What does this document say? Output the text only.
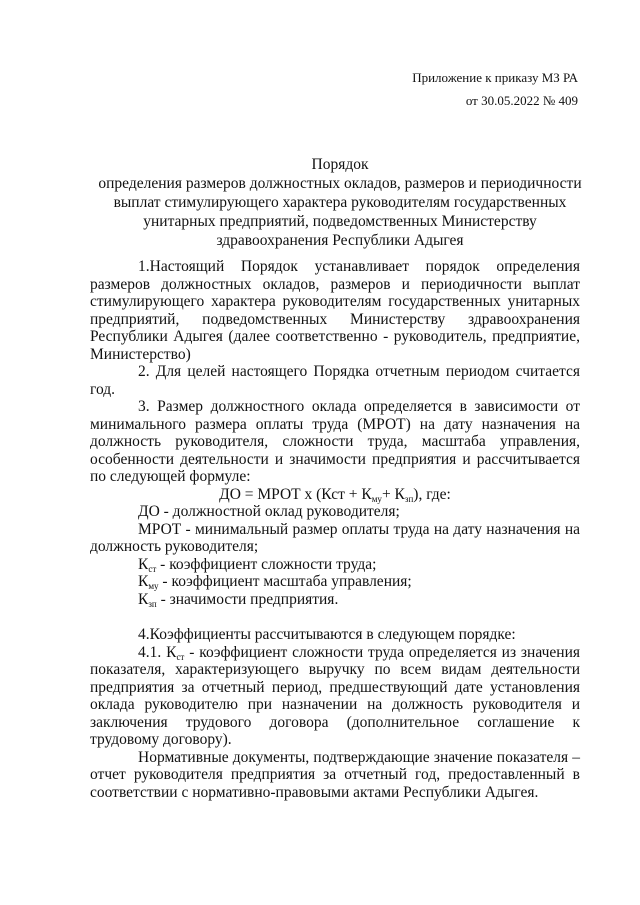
Приложение к приказу МЗ РА
от 30.05.2022 № 409
Порядок
определения размеров должностных окладов, размеров и периодичности
выплат стимулирующего характера руководителям государственных
унитарных предприятий, подведомственных Министерству
здравоохранения Республики Адыгея

1.Настоящий Порядок устанавливает порядок определения размеров должностных окладов, размеров и периодичности выплат стимулирующего характера руководителям государственных унитарных предприятий, подведомственных Министерству здравоохранения Республики Адыгея (далее соответственно - руководитель, предприятие, Министерство)

2. Для целей настоящего Порядка отчетным периодом считается год.

3. Размер должностного оклада определяется в зависимости от минимального размера оплаты труда (МРОТ) на дату назначения на должность руководителя, сложности труда, масштаба управления, особенности деятельности и значимости предприятия и рассчитывается по следующей формуле:

ДО = МРОТ x $(Кст + К_{му}+ К_{зп})$, где:

ДО - должностной оклад руководителя;

МРОТ - минимальный размер оплаты труда на дату назначения на должность руководителя;

$К_{ст}$ - коэффициент сложности труда;

$К_{му}$ - коэффициент масштаба управления;

$К_{зп}$ - значимости предприятия.

4.Коэффициенты рассчитываются в следующем порядке:

4.1. $К_{ст}$ - коэффициент сложности труда определяется из значения показателя, характеризующего выручку по всем видам деятельности предприятия за отчетный период, предшествующий дате установления оклада руководителю при назначении на должность руководителя и заключения трудового договора (дополнительное соглашение к трудовому договору).

Нормативные документы, подтверждающие значение показателя – отчет руководителя предприятия за отчетный год, предоставленный в соответствии с нормативно-правовыми актами Республики Адыгея.
